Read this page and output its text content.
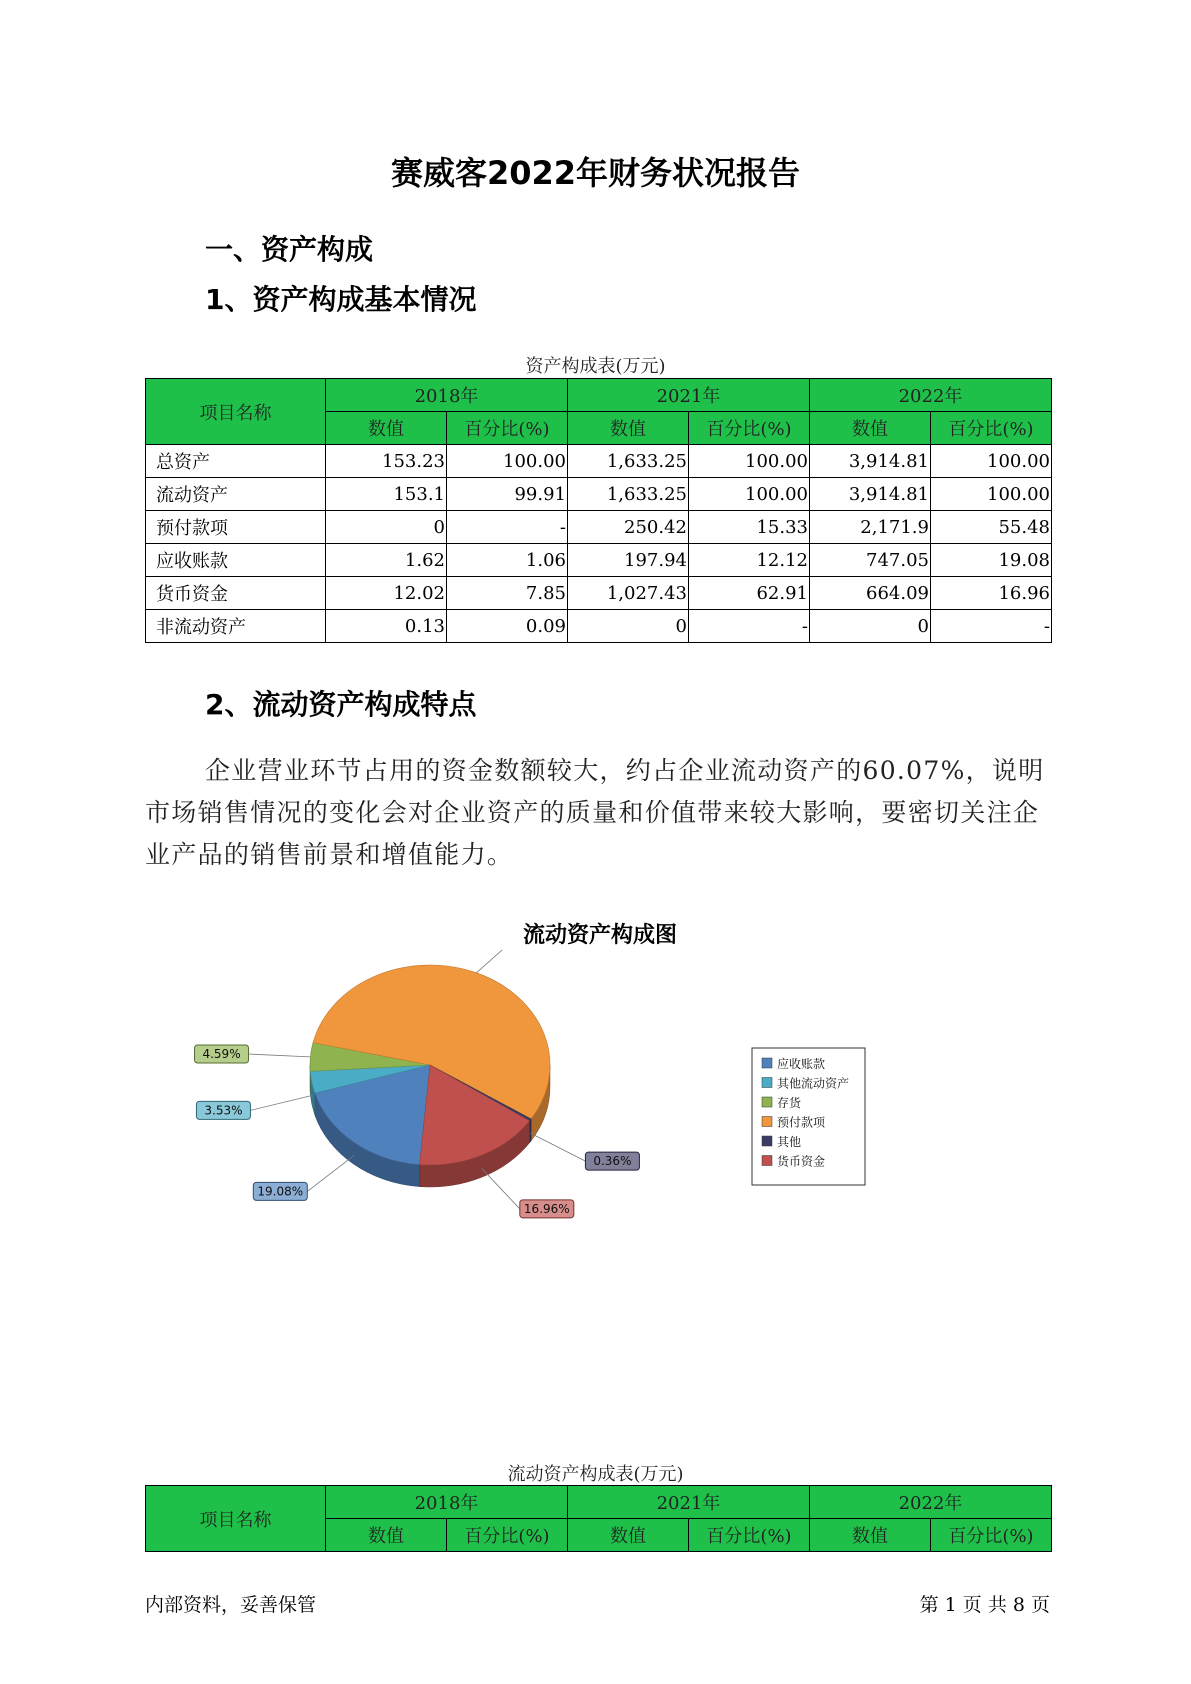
赛威客2022年财务状况报告
一、资产构成
1、资产构成基本情况
资产构成表(万元)
项目名称	2018年		2021年		2022年	
	数值	百分比(%)	数值	百分比(%)	数值	百分比(%)
总资产	153.23	100.00	1,633.25	100.00	3,914.81	100.00
流动资产	153.1	99.91	1,633.25	100.00	3,914.81	100.00
预付款项	0	-	250.42	15.33	2,171.9	55.48
应收账款	1.62	1.06	197.94	12.12	747.05	19.08
货币资金	12.02	7.85	1,027.43	62.91	664.09	16.96
非流动资产	0.13	0.09	0	-	0	-
2、流动资产构成特点
企业营业环节占用的资金数额较大，约占企业流动资产的60.07%，说明市场销售情况的变化会对企业资产的质量和价值带来较大影响，要密切关注企业产品的销售前景和增值能力。
流动资产构成图
19.08%
3.53%
4.59%
0.36%
16.96%
应收账款
其他流动资产
存货
预付款项
其他
货币资金
流动资产构成表(万元)
项目名称	2018年		2021年		2022年	
	数值	百分比(%)	数值	百分比(%)	数值	百分比(%)
内部资料，妥善保管	第 1 页 共 8 页
